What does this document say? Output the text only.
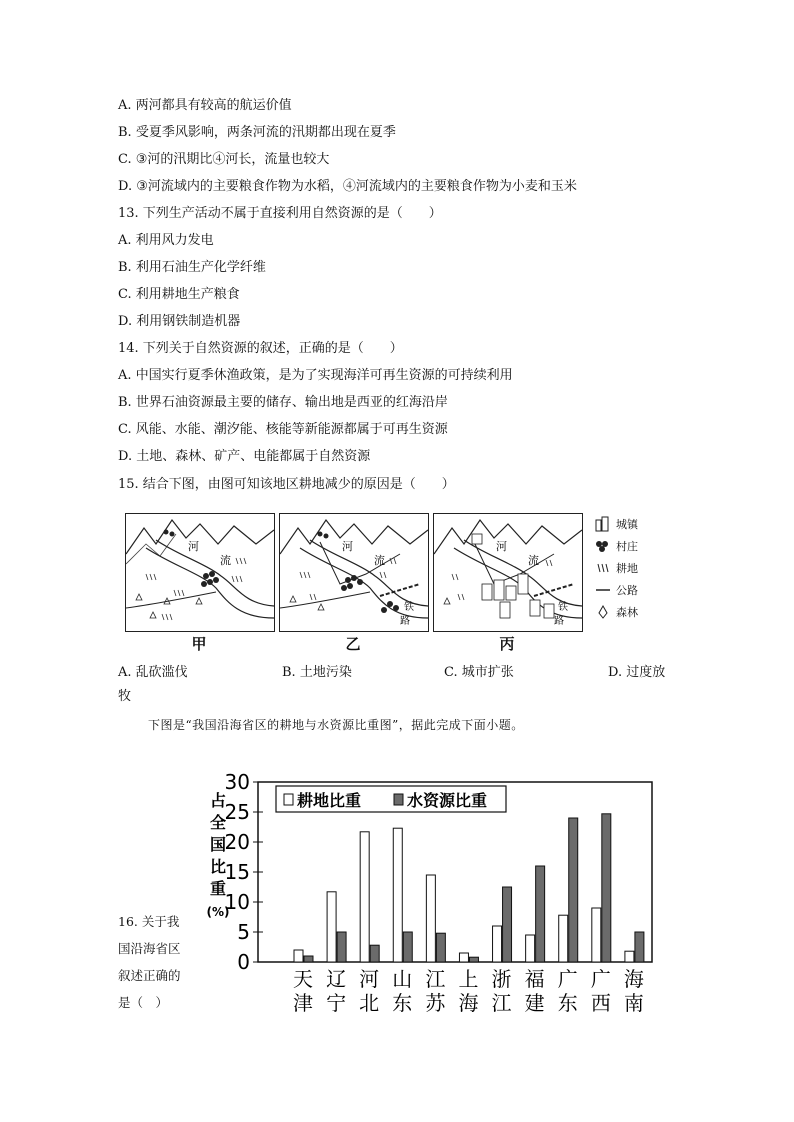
A. 两河都具有较高的航运价值
B. 受夏季风影响，两条河流的汛期都出现在夏季
C. ③河的汛期比④河长，流量也较大
D. ③河流域内的主要粮食作物为水稻，④河流域内的主要粮食作物为小麦和玉米
13. 下列生产活动不属于直接利用自然资源的是（　　）
A. 利用风力发电
B. 利用石油生产化学纤维
C. 利用耕地生产粮食
D. 利用钢铁制造机器
14. 下列关于自然资源的叙述，正确的是（　　）
A. 中国实行夏季休渔政策，是为了实现海洋可再生资源的可持续利用
B. 世界石油资源最主要的储存、输出地是西亚的红海沿岸
C. 风能、水能、潮汐能、核能等新能源都属于可再生资源
D. 土地、森林、矿产、电能都属于自然资源
15. 结合下图，由图可知该地区耕地减少的原因是（　　）
河
流
河
流
铁
路
河
流
铁
路
甲	乙	丙
城镇
村庄
耕地
公路
森林
A. 乱砍滥伐	B. 土地污染	C. 城市扩张	D. 过度放
牧
下图是“我国沿海省区的耕地与水资源比重图”，据此完成下面小题。
16. 关于我
国沿海省区
叙述正确的
是（　）
0
5
10
15
20
25
30
占
全
国
比
重
(%)
耕地比重	水资源比重
天
津
辽
宁
河
北
山
东
江
苏
上
海
浙
江
福
建
广
东
广
西
海
南
